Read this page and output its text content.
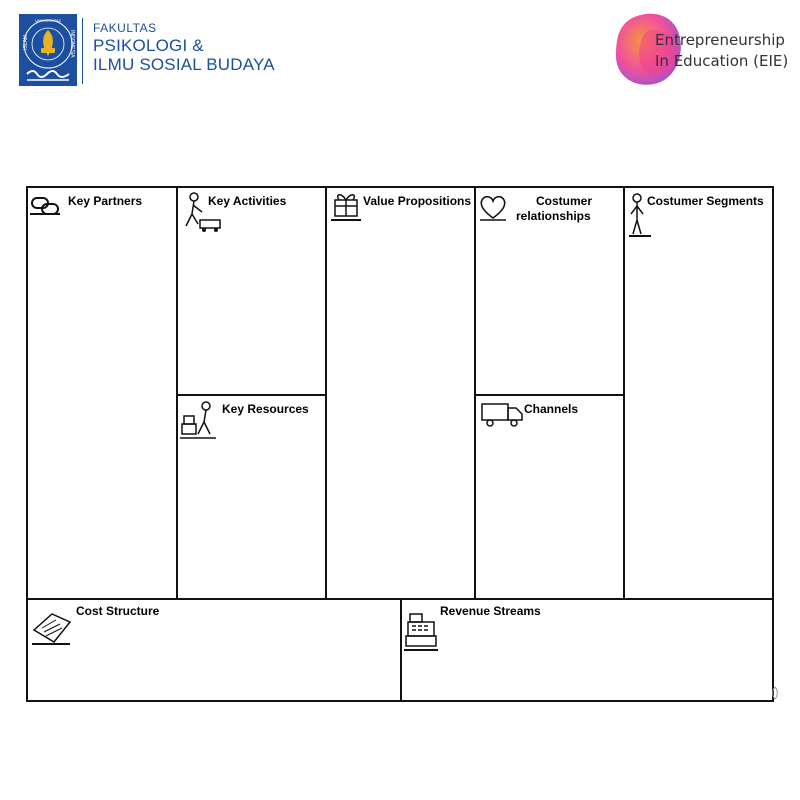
ISLAM	INDONESIA
UNIVERSITAS
FAKULTAS
PSIKOLOGI &
ILMU SOSIAL BUDAYA
Entrepreneurship
In Education (EIE)
Key Partners	Key Activities
Key Resources
Value Propositions	Costumer
relationships
Channels
Costumer Segments
Cost Structure	Revenue Streams
